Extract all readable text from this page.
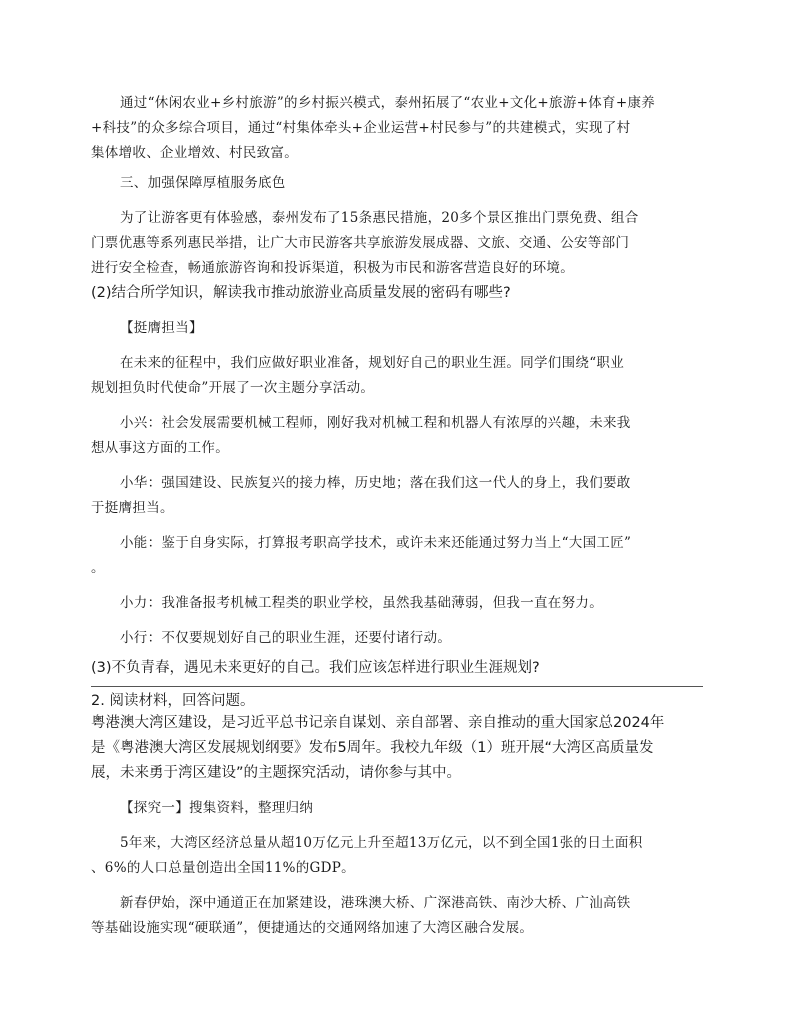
通过“休闲农业+乡村旅游”的乡村振兴模式，泰州拓展了“农业+文化+旅游+体育+康养

+科技”的众多综合项目，通过“村集体牵头+企业运营+村民参与”的共建模式，实现了村
集体增收、企业增效、村民致富。

三、加强保障厚植服务底色

为了让游客更有体验感，泰州发布了15条惠民措施，20多个景区推出门票免费、组合

门票优惠等系列惠民举措，让广大市民游客共享旅游发展成器、文旅、交通、公安等部门
进行安全检查，畅通旅游咨询和投诉渠道，积极为市民和游客营造良好的环境。

(2)结合所学知识，解读我市推动旅游业高质量发展的密码有哪些?

【挺膺担当】

在未来的征程中，我们应做好职业准备，规划好自己的职业生涯。同学们围绕“职业

规划担负时代使命”开展了一次主题分享活动。

小兴：社会发展需要机械工程师，刚好我对机械工程和机器人有浓厚的兴趣，未来我

想从事这方面的工作。

小华：强国建设、民族复兴的接力棒，历史地；落在我们这一代人的身上，我们要敢

于挺膺担当。

小能：鉴于自身实际，打算报考职高学技术，或许未来还能通过努力当上“大国工匠”

。

小力：我准备报考机械工程类的职业学校，虽然我基础薄弱，但我一直在努力。

小行：不仅要规划好自己的职业生涯，还要付诸行动。

(3)不负青春，遇见未来更好的自己。我们应该怎样进行职业生涯规划?

2. 阅读材料，回答问题。

粤港澳大湾区建设，是习近平总书记亲自谋划、亲自部署、亲自推动的重大国家总2024年
是《粤港澳大湾区发展规划纲要》发布5周年。我校九年级（1）班开展“大湾区高质量发
展，未来勇于湾区建设”的主题探究活动，请你参与其中。

【探究一】搜集资料，整理归纳

5年来，大湾区经济总量从超10万亿元上升至超13万亿元，以不到全国1张的日土面积

、6%的人口总量创造出全国11%的GDP。

新春伊始，深中通道正在加紧建设，港珠澳大桥、广深港高铁、南沙大桥、广汕高铁

等基础设施实现“硬联通”，便捷通达的交通网络加速了大湾区融合发展。
